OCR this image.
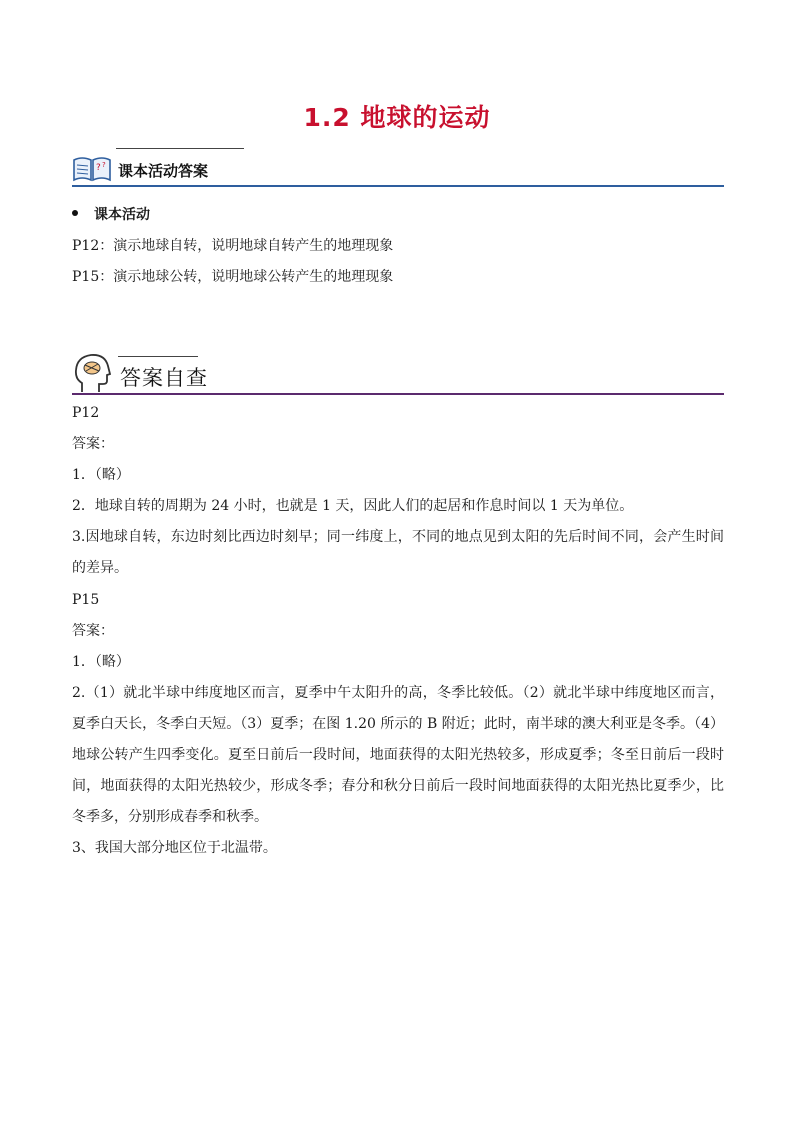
1.2 地球的运动
? ? 课本活动答案
课本活动
P12：演示地球自转，说明地球自转产生的地理现象
P15：演示地球公转，说明地球公转产生的地理现象
答案自查
P12
答案：
1．（略）
2．地球自转的周期为 24 小时，也就是 1 天，因此人们的起居和作息时间以 1 天为单位。
3.因地球自转，东边时刻比西边时刻早；同一纬度上，不同的地点见到太阳的先后时间不同，会产生时间的差异。
P15
答案：
1．（略）
2.（1）就北半球中纬度地区而言，夏季中午太阳升的高，冬季比较低。（2）就北半球中纬度地区而言，夏季白天长，冬季白天短。（3）夏季；在图 1.20 所示的 B 附近；此时，南半球的澳大利亚是冬季。（4）地球公转产生四季变化。夏至日前后一段时间，地面获得的太阳光热较多，形成夏季；冬至日前后一段时间，地面获得的太阳光热较少，形成冬季；春分和秋分日前后一段时间地面获得的太阳光热比夏季少，比冬季多，分别形成春季和秋季。
3、我国大部分地区位于北温带。
